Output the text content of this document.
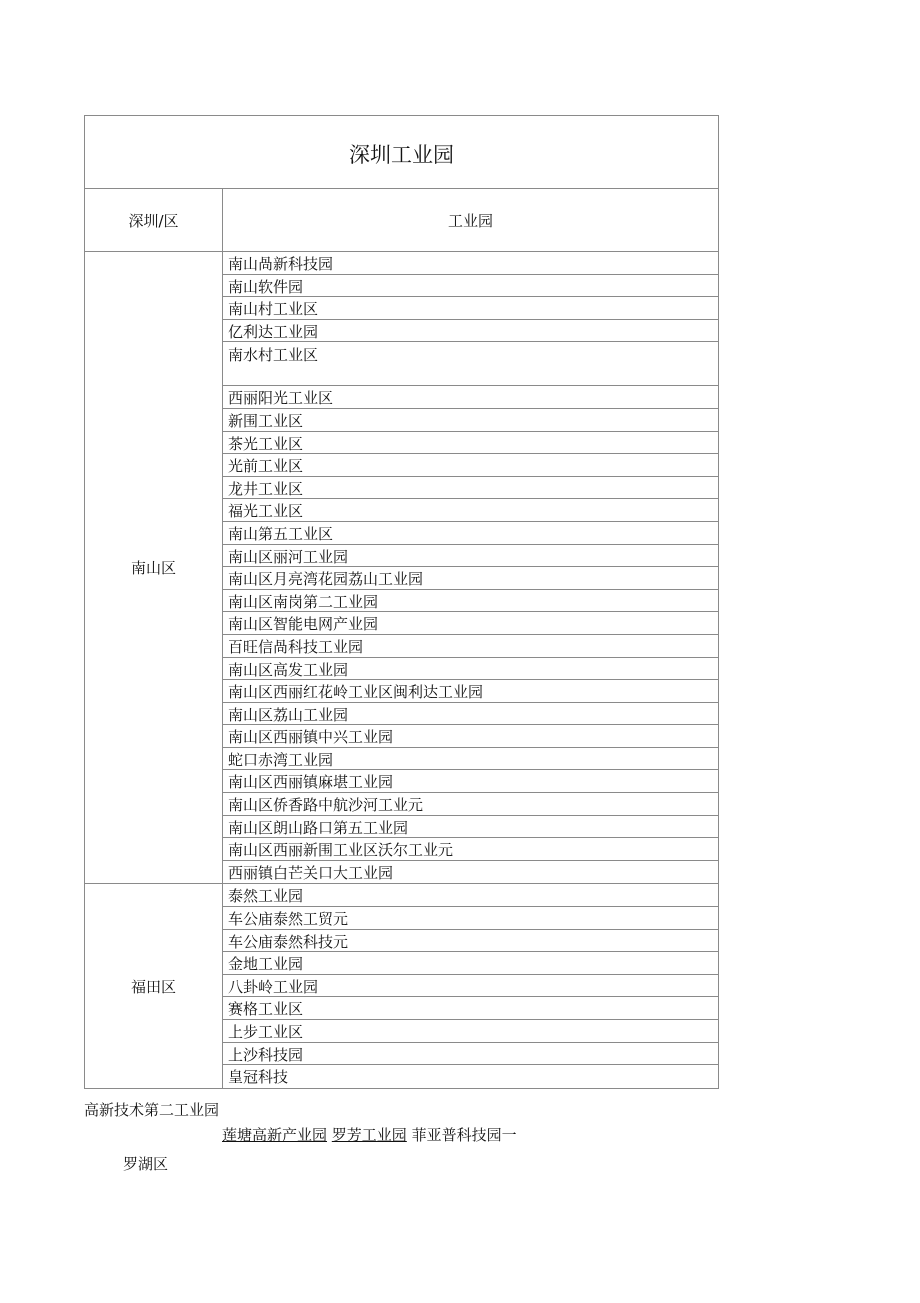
深圳工业园
深圳/区	工业园
南山区
南山咼新科技园
南山软件园
南山村工业区
亿利达工业园
南水村工业区
西丽阳光工业区
新围工业区
茶光工业区
光前工业区
龙井工业区
福光工业区
南山第五工业区
南山区丽河工业园
南山区月亮湾花园荔山工业园
南山区南岗第二工业园
南山区智能电网产业园
百旺信咼科技工业园
南山区高发工业园
南山区西丽红花岭工业区闽利达工业园
南山区荔山工业园
南山区西丽镇中兴工业园
蛇口赤湾工业园
南山区西丽镇麻堪工业园
南山区侨香路中航沙河工业元
南山区朗山路口第五工业园
南山区西丽新围工业区沃尔工业元
西丽镇白芒关口大工业园
福田区
泰然工业园
车公庙泰然工贸元
车公庙泰然科技元
金地工业园
八卦岭工业园
赛格工业区
上步工业区
上沙科技园
皇冠科技
高新技术第二工业园
莲塘高新产业园 罗芳工业园 菲亚普科技园一
罗湖区
